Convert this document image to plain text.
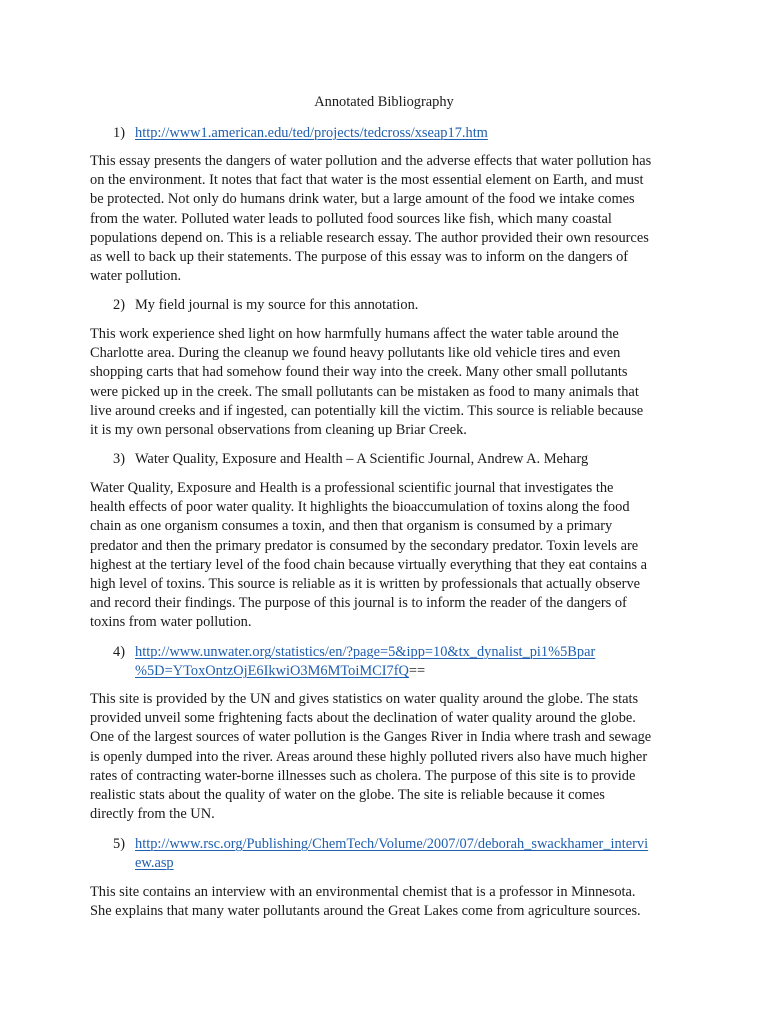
Annotated Bibliography
1) http://www1.american.edu/ted/projects/tedcross/xseap17.htm
This essay presents the dangers of water pollution and the adverse effects that water pollution has
on the environment. It notes that fact that water is the most essential element on Earth, and must
be protected. Not only do humans drink water, but a large amount of the food we intake comes
from the water. Polluted water leads to polluted food sources like fish, which many coastal
populations depend on. This is a reliable research essay. The author provided their own resources
as well to back up their statements. The purpose of this essay was to inform on the dangers of
water pollution.
2) My field journal is my source for this annotation.
This work experience shed light on how harmfully humans affect the water table around the
Charlotte area. During the cleanup we found heavy pollutants like old vehicle tires and even
shopping carts that had somehow found their way into the creek. Many other small pollutants
were picked up in the creek. The small pollutants can be mistaken as food to many animals that
live around creeks and if ingested, can potentially kill the victim. This source is reliable because
it is my own personal observations from cleaning up Briar Creek.
3) Water Quality, Exposure and Health – A Scientific Journal, Andrew A. Meharg
Water Quality, Exposure and Health is a professional scientific journal that investigates the
health effects of poor water quality. It highlights the bioaccumulation of toxins along the food
chain as one organism consumes a toxin, and then that organism is consumed by a primary
predator and then the primary predator is consumed by the secondary predator. Toxin levels are
highest at the tertiary level of the food chain because virtually everything that they eat contains a
high level of toxins. This source is reliable as it is written by professionals that actually observe
and record their findings. The purpose of this journal is to inform the reader of the dangers of
toxins from water pollution.
4) http://www.unwater.org/statistics/en/?page=5&ipp=10&tx_dynalist_pi1%5Bpar
%5D=YToxOntzOjE6IkwiO3M6MToiMCI7fQ==
This site is provided by the UN and gives statistics on water quality around the globe. The stats
provided unveil some frightening facts about the declination of water quality around the globe.
One of the largest sources of water pollution is the Ganges River in India where trash and sewage
is openly dumped into the river. Areas around these highly polluted rivers also have much higher
rates of contracting water-borne illnesses such as cholera. The purpose of this site is to provide
realistic stats about the quality of water on the globe. The site is reliable because it comes
directly from the UN.
5) http://www.rsc.org/Publishing/ChemTech/Volume/2007/07/deborah_swackhamer_intervi
ew.asp
This site contains an interview with an environmental chemist that is a professor in Minnesota.
She explains that many water pollutants around the Great Lakes come from agriculture sources.
